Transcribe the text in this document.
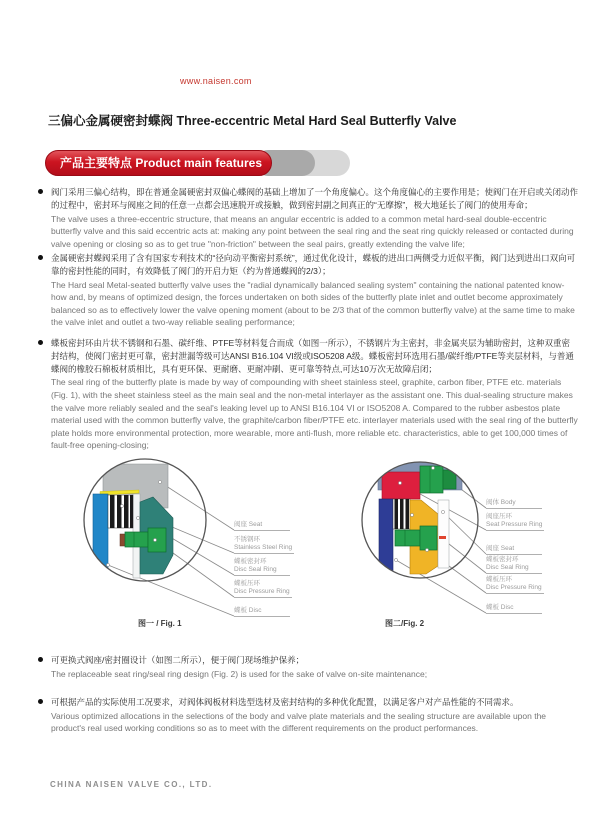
www.naisen.com
三偏心金属硬密封蝶阀 Three-eccentric Metal Hard Seal Butterfly Valve
产品主要特点 Product main features
阀门采用三偏心结构，即在普通金属硬密封双偏心蝶阀的基础上增加了一个角度偏心。这个角度偏心的主要作用是；使阀门在开启或关闭动作的过程中，密封环与阀座之间的任意一点都会迅速脱开或接触，做到密封副之间真正的“无摩擦”，极大地延长了阀门的使用寿命；
The valve uses a three-eccentric structure, that means an angular eccentric is added to a common metal hard-seal double-eccentric butterfly valve and this said eccentric acts at: making any point between the seal ring and the seat ring quickly released or contacted during valve opening or closing so as to get true "non-friction" between the seal pairs, greatly extending the valve life;
金属硬密封蝶阀采用了含有国家专利技术的“径向动平衡密封系统”，通过优化设计，蝶板的进出口两侧受力近似平衡，阀门达到进出口双向可靠的密封性能的同时，有效降低了阀门的开启力矩（约为普通蝶阀的2/3）；
The Hard seal Metal-seated butterfly valve uses the "radial dynamically balanced sealing system" containing the national patented know-how and, by means of optimized design, the forces undertaken on both sides of the butterfly plate inlet and outlet become approximately balanced so as to effectively lower the valve opening moment (about to be 2/3 that of the common butterfly valve) at the same time to make the valve inlet and outlet a two-way reliable sealing performance;
蝶板密封环由片状不锈钢和石墨、碳纤维、PTFE等材料复合而成（如图一所示），不锈钢片为主密封，非金属夹层为辅助密封，这种双重密封结构，使阀门密封更可靠，密封泄漏等级可达ANSI B16.104 VI级或ISO5208 A级。蝶板密封环选用石墨/碳纤维/PTFE等夹层材料，与普通蝶阀的橡胶石棉板材质相比，具有更环保、更耐磨、更耐冲刷、更可靠等特点,可达10万次无故障启闭；
The seal ring of the butterfly plate is made by way of compounding with sheet stainless steel, graphite, carbon fiber, PTFE etc. materials (Fig. 1), with the sheet stainless steel as the main seal and the non-metal interlayer as the assistant one. This dual-sealing structure makes the valve more reliably sealed and the seal's leaking level up to ANSI B16.104 VI or ISO5208 A. Compared to the rubber asbestos plate material used with the common butterfly valve, the graphite/carbon fiber/PTFE etc. interlayer materials used with the seal ring of the butterfly plate holds more environmental protection, more wearable, more anti-flush, more reliable etc. characteristics, able to get 100,000 times of fault-free opening-closing;
阀座 Seat
不锈钢环
Stainless Steel Ring
蝶板密封环
Disc Seal Ring
蝶板压环
Disc Pressure Ring
蝶板 Disc
图一 / Fig. 1
阀体 Body
阀座压环
Seat Pressure Ring
阀座 Seat
蝶板密封环
Disc Seal Ring
蝶板压环
Disc Pressure Ring
蝶板 Disc
图二/Fig. 2
可更换式阀座/密封圈设计（如图二所示），便于阀门现场维护保养；
The replaceable seat ring/seal ring design (Fig. 2) is used for the sake of valve on-site maintenance;
可根据产品的实际使用工况要求，对阀体阀板材料选型选材及密封结构的多种优化配置，以满足客户对产品性能的不同需求。
Various optimized allocations in the selections of the body and valve plate materials and the sealing structure are available upon the product's real used working conditions so as to meet with the different requirements on the product performances.
CHINA NAISEN VALVE CO., LTD.
